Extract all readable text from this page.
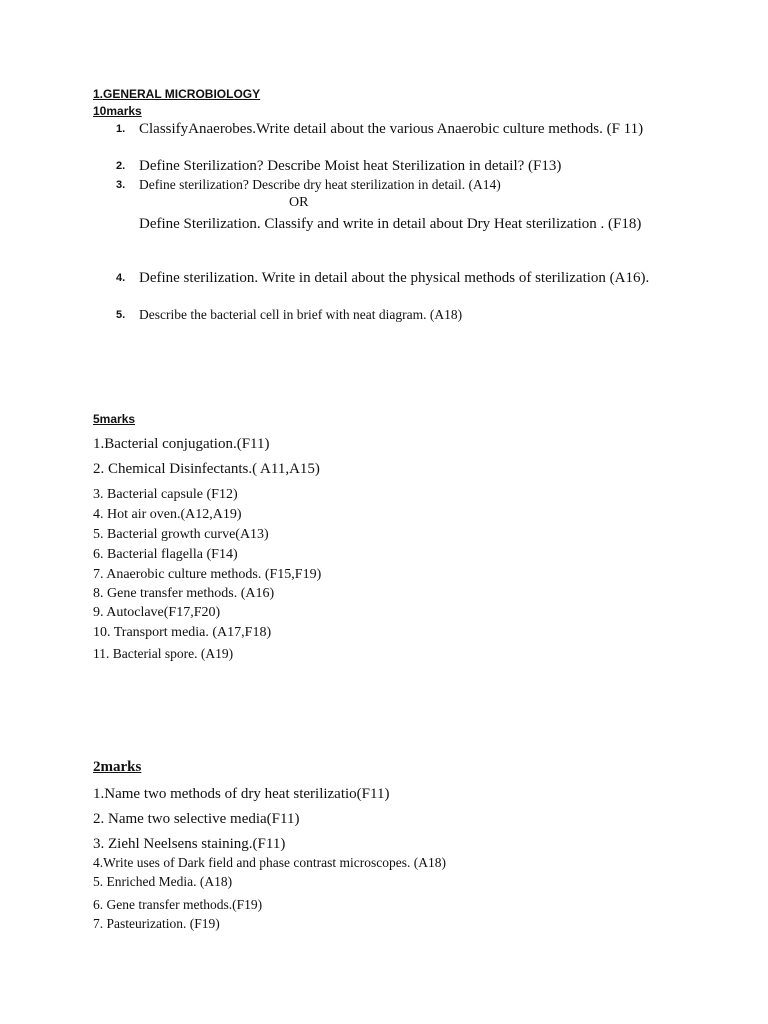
1.GENERAL MICROBIOLOGY
10marks
1. ClassifyAnaerobes.Write detail about the various Anaerobic culture methods. (F 11)
2. Define Sterilization? Describe Moist heat Sterilization in detail? (F13)
3. Define sterilization? Describe dry heat sterilization in detail. (A14)
OR
Define Sterilization. Classify and write in detail about Dry Heat sterilization . (F18)
4. Define sterilization. Write in detail about the physical methods of sterilization (A16).
5. Describe the bacterial cell in brief with neat diagram. (A18)
5marks
1.Bacterial conjugation.(F11)
2. Chemical Disinfectants.( A11,A15)
3. Bacterial capsule (F12)
4. Hot air oven.(A12,A19)
5. Bacterial growth curve(A13)
6. Bacterial flagella (F14)
7. Anaerobic culture methods. (F15,F19)
8. Gene transfer methods. (A16)
9. Autoclave(F17,F20)
10. Transport media. (A17,F18)
11. Bacterial spore. (A19)
2marks
1.Name two methods of dry heat sterilizatio(F11)
2. Name two selective media(F11)
3. Ziehl Neelsens staining.(F11)
4.Write uses of Dark field and phase contrast microscopes. (A18)
5. Enriched Media. (A18)
6. Gene transfer methods.(F19)
7. Pasteurization. (F19)
